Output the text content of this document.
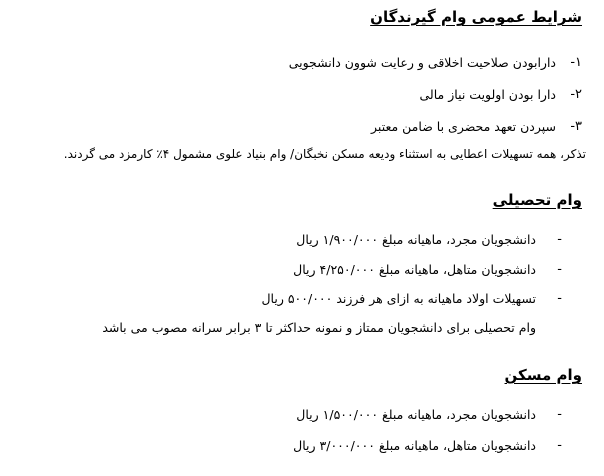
شرایط عمومی وام گیرندگان
۱-
دارابودن صلاحیت اخلاقی و رعایت شوون دانشجویی
۲-
دارا بودن اولویت نیاز مالی
۳-
سپردن تعهد محضری با ضامن معتبر
تذکر، همه تسهیلات اعطایی به استثناء ودیعه مسکن نخبگان/ وام بنیاد علوی مشمول ۴٪ کارمزد می گردند.
وام تحصیلی
-
دانشجویان مجرد، ماهیانه مبلغ ۱/۹۰۰/۰۰۰ ریال
-
دانشجویان متاهل، ماهیانه مبلغ ۴/۲۵۰/۰۰۰ ریال
-
تسهیلات اولاد ماهیانه به ازای هر فرزند ۵۰۰/۰۰۰ ریال
وام تحصیلی برای دانشجویان ممتاز و نمونه حداکثر تا ۳ برابر سرانه مصوب می باشد
وام مسکن
-
دانشجویان مجرد، ماهیانه مبلغ ۱/۵۰۰/۰۰۰ ریال
-
دانشجویان متاهل، ماهیانه مبلغ ۳/۰۰۰/۰۰۰ ریال
